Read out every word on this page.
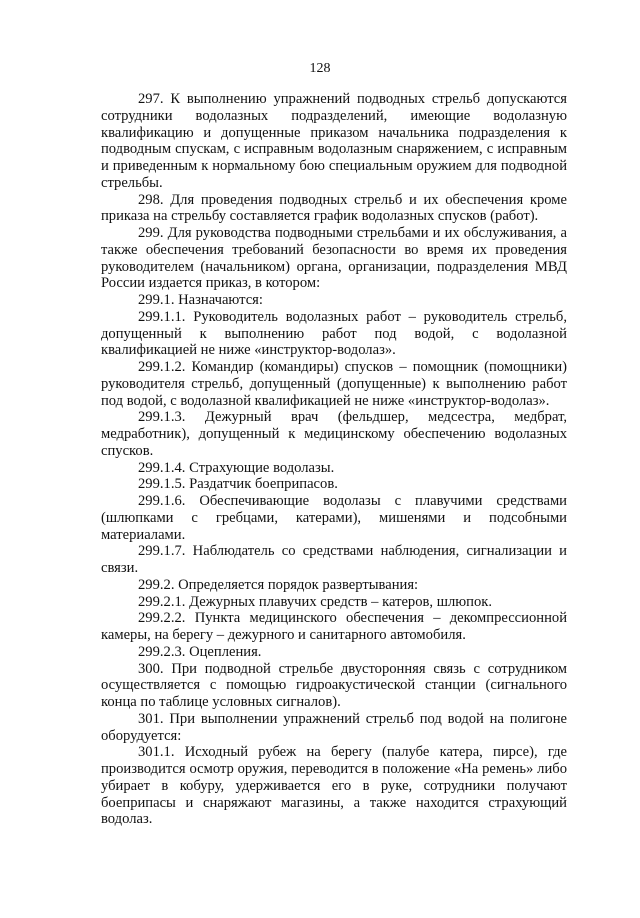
128

297. К выполнению упражнений подводных стрельб допускаются сотрудники водолазных подразделений, имеющие водолазную квалификацию и допущенные приказом начальника подразделения к подводным спускам, с исправным водолазным снаряжением, с исправным и приведенным к нормальному бою специальным оружием для подводной стрельбы.

298. Для проведения подводных стрельб и их обеспечения кроме приказа на стрельбу составляется график водолазных спусков (работ).

299. Для руководства подводными стрельбами и их обслуживания, а также обеспечения требований безопасности во время их проведения руководителем (начальником) органа, организации, подразделения МВД России издается приказ, в котором:

299.1. Назначаются:

299.1.1. Руководитель водолазных работ – руководитель стрельб, допущенный к выполнению работ под водой, с водолазной квалификацией не ниже «инструктор-водолаз».

299.1.2. Командир (командиры) спусков – помощник (помощники) руководителя стрельб, допущенный (допущенные) к выполнению работ под водой, с водолазной квалификацией не ниже «инструктор-водолаз».

299.1.3. Дежурный врач (фельдшер, медсестра, медбрат, медработник), допущенный к медицинскому обеспечению водолазных спусков.

299.1.4. Страхующие водолазы.

299.1.5. Раздатчик боеприпасов.

299.1.6. Обеспечивающие водолазы с плавучими средствами (шлюпками с гребцами, катерами), мишенями и подсобными материалами.

299.1.7. Наблюдатель со средствами наблюдения, сигнализации и связи.

299.2. Определяется порядок развертывания:

299.2.1. Дежурных плавучих средств – катеров, шлюпок.

299.2.2. Пункта медицинского обеспечения – декомпрессионной камеры, на берегу – дежурного и санитарного автомобиля.

299.2.3. Оцепления.

300. При подводной стрельбе двусторонняя связь с сотрудником осуществляется с помощью гидроакустической станции (сигнального конца по таблице условных сигналов).

301. При выполнении упражнений стрельб под водой на полигоне оборудуется:

301.1. Исходный рубеж на берегу (палубе катера, пирсе), где производится осмотр оружия, переводится в положение «На ремень» либо убирает в кобуру, удерживается его в руке, сотрудники получают боеприпасы и снаряжают магазины, а также находится страхующий водолаз.
